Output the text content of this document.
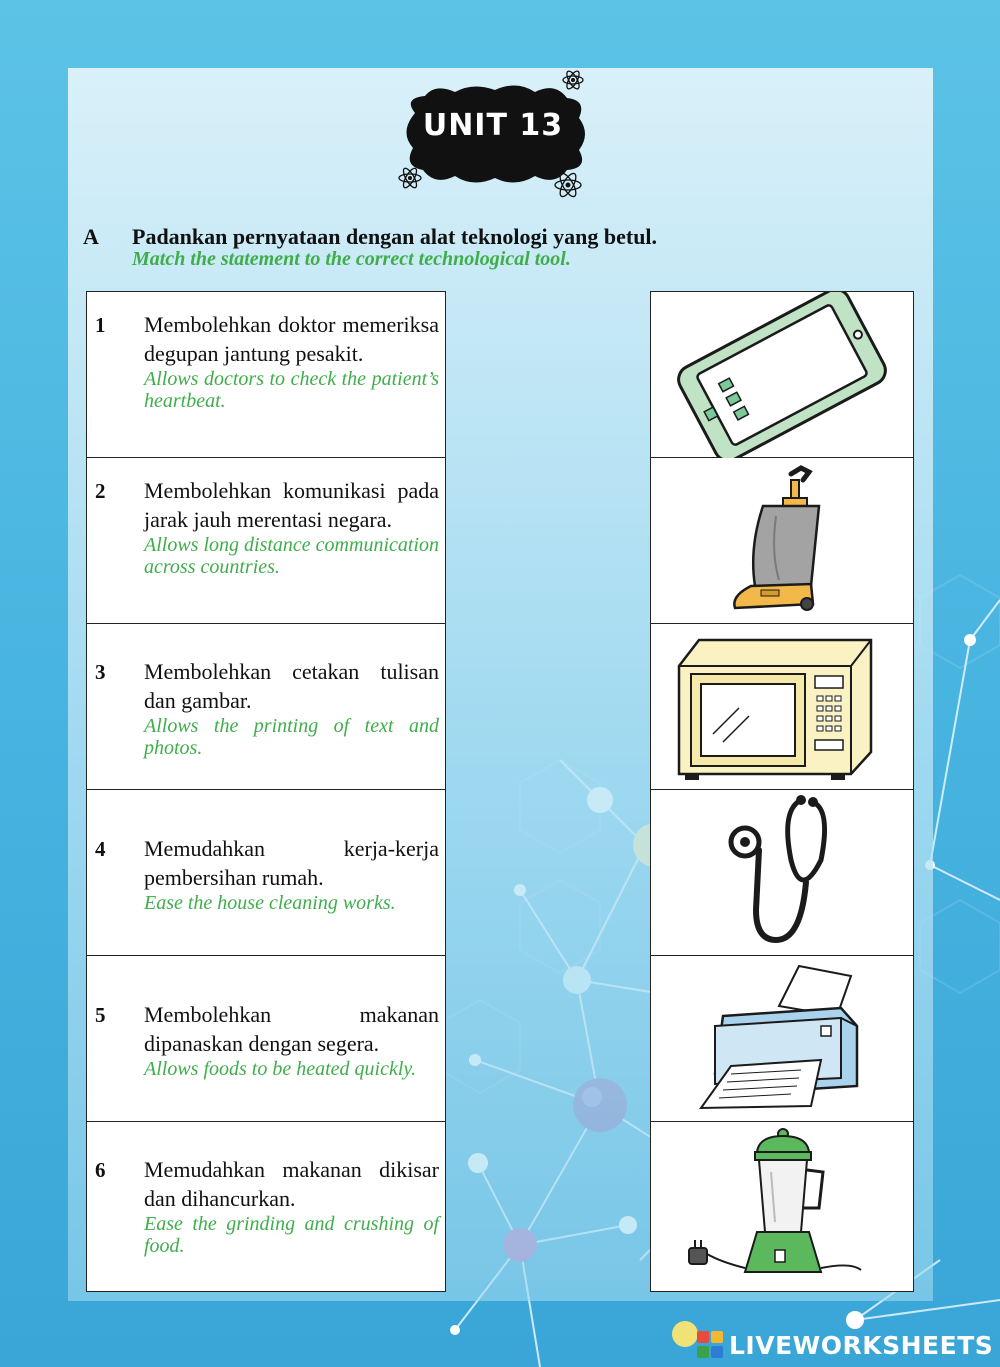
UNIT 13
A Padankan pernyataan dengan alat teknologi yang betul.
Match the statement to the correct technological tool.
1 Membolehkan doktor memeriksa degupan jantung pesakit.
Allows doctors to check the patient’s heartbeat.
2 Membolehkan komunikasi pada jarak jauh merentasi negara.
Allows long distance communication across countries.
3 Membolehkan cetakan tulisan dan gambar.
Allows the printing of text and photos.
4 Memudahkan kerja-kerja pembersihan rumah.
Ease the house cleaning works.
5 Membolehkan makanan dipanaskan dengan segera.
Allows foods to be heated quickly.
6 Memudahkan makanan dikisar dan dihancurkan.
Ease the grinding and crushing of food.
LIVEWORKSHEETS
